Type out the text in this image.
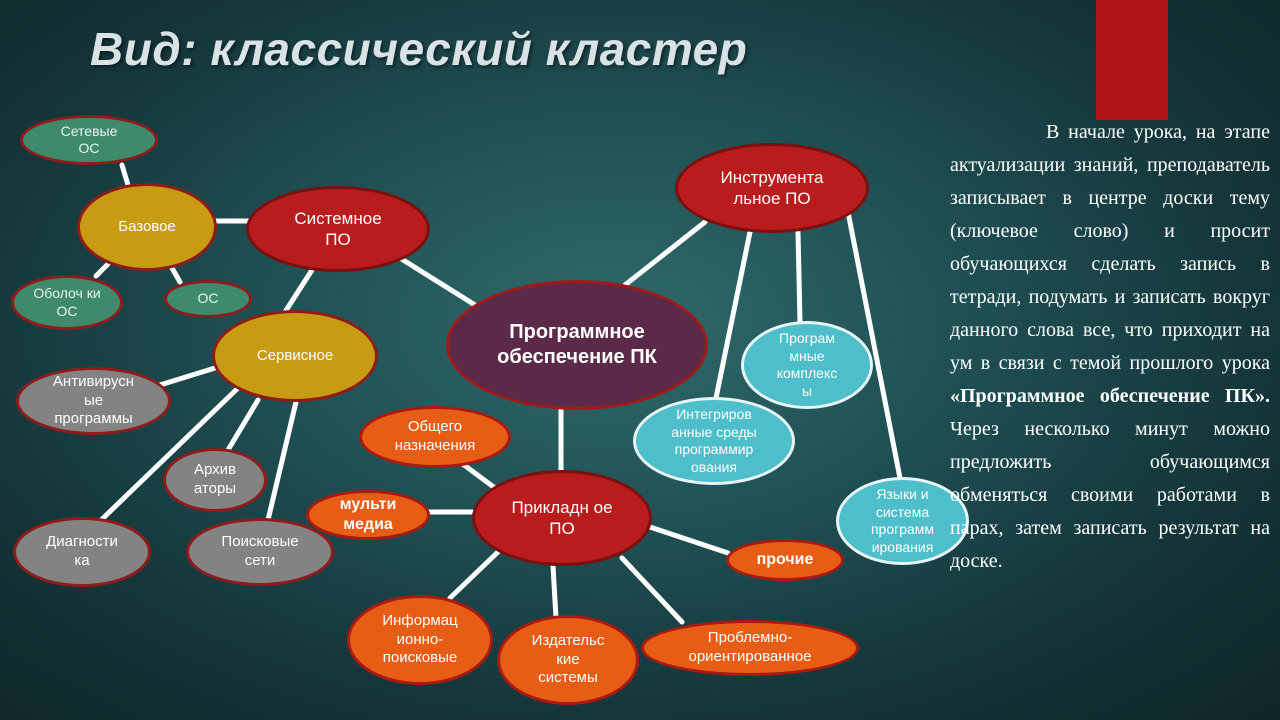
Вид: классический кластер
Программное обеспечение ПК
Системное ПО
Базовое
Сетевые ОС
Оболоч ки ОС
ОС
Сервисное
Антивирусн ые программы
Архив аторы
Диагности ка
Поисковые сети
Инструмента льное ПО
Програм мные комплекс ы
Интегриров анные среды программир ования
Языки и система программ ирования
Прикладн ое ПО
Общего назначения
мульти медиа
прочие
Информац ионно- поисковые
Издательс кие системы
Проблемно- ориентированное
В начале урока, на этапе актуализации знаний, преподаватель записывает в центре доски тему (ключевое слово) и просит обучающихся сделать запись в тетради, подумать и записать вокруг данного слова все, что приходит на ум в связи с темой прошлого урока «Программное обеспечение ПК». Через несколько минут можно предложить обучающимся обменяться своими работами в парах, затем записать результат на доске.
